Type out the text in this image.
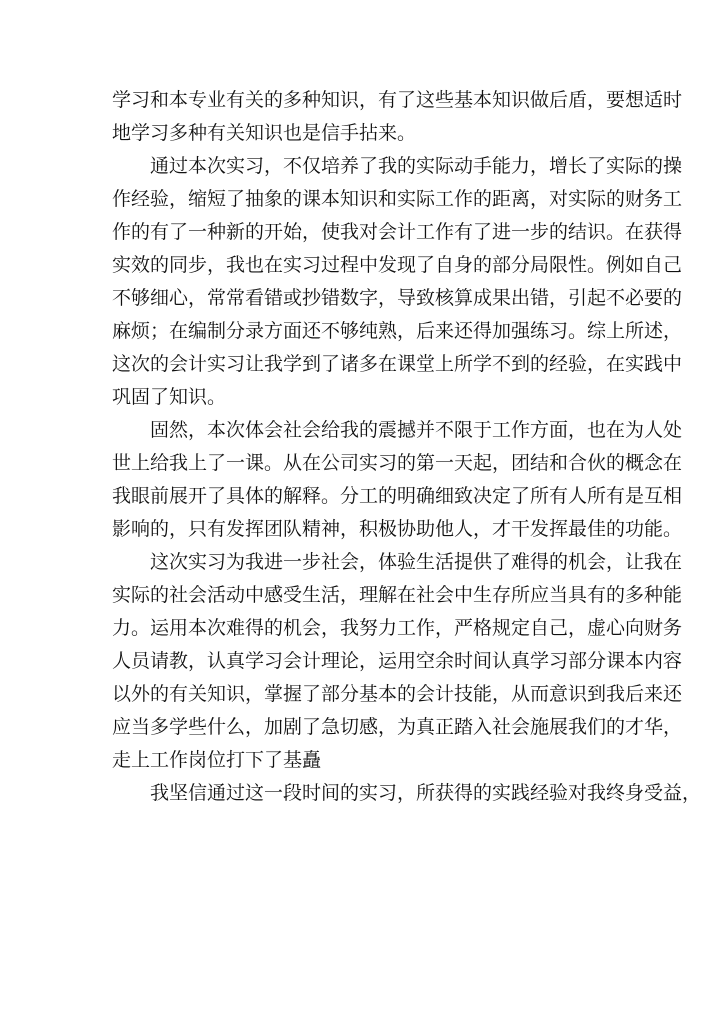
学习和本专业有关的多种知识，有了这些基本知识做后盾，要想适时
地学习多种有关知识也是信手拈来。
通过本次实习，不仅培养了我的实际动手能力，增长了实际的操
作经验，缩短了抽象的课本知识和实际工作的距离，对实际的财务工
作的有了一种新的开始，使我对会计工作有了进一步的结识。在获得
实效的同步，我也在实习过程中发现了自身的部分局限性。例如自己
不够细心，常常看错或抄错数字，导致核算成果出错，引起不必要的
麻烦；在编制分录方面还不够纯熟，后来还得加强练习。综上所述，
这次的会计实习让我学到了诸多在课堂上所学不到的经验，在实践中
巩固了知识。
固然，本次体会社会给我的震撼并不限于工作方面，也在为人处
世上给我上了一课。从在公司实习的第一天起，团结和合伙的概念在
我眼前展开了具体的解释。分工的明确细致决定了所有人所有是互相
影响的，只有发挥团队精神，积极协助他人，才干发挥最佳的功能。
这次实习为我进一步社会，体验生活提供了难得的机会，让我在
实际的社会活动中感受生活，理解在社会中生存所应当具有的多种能
力。运用本次难得的机会，我努力工作，严格规定自己，虚心向财务
人员请教，认真学习会计理论，运用空余时间认真学习部分课本内容
以外的有关知识，掌握了部分基本的会计技能，从而意识到我后来还
应当多学些什么，加剧了急切感，为真正踏入社会施展我们的才华，
走上工作岗位打下了基矗
我坚信通过这一段时间的实习，所获得的实践经验对我终身受益，
